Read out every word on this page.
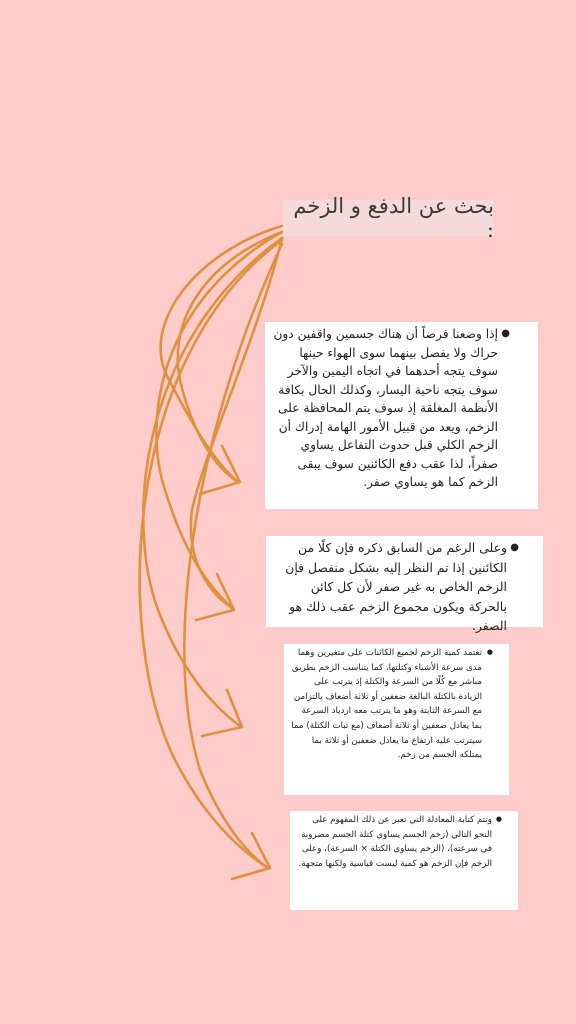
بحث عن الدفع و الزخم :
●

إذا وضعنا فرضاً أن هناك جسمين واقفين دون حراك ولا يفصل بينهما سوى الهواء حينها سوف يتجه أحدهما في اتجاه اليمين والآخر سوف يتجه ناحية اليسار، وكذلك الحال بكافة الأنظمة المغلقة إذ سوف يتم المحافظة على الزخم، ويعد من قبيل الأمور الهامة إدراك أن الزخم الكلي قبل حدوث التفاعل يساوي صفراً، لذا عقب دفع الكائنين سوف يبقى الزخم كما هو يساوي صفر.

●

وعلى الرغم من السابق ذكره فإن كلًا من الكائنين إذا تم النظر إليه بشكل منفصل فإن الزخم الخاص به غير صفر لأن كل كائن بالحركة ويكون مجموع الزخم عقب ذلك هو الصفر.

●

تعتمد كمية الزخم لجميع الكائنات على متغيرين وهما مدى سرعة الأشياء وكتلتها، كما يتناسب الزخم بطريق مباشر مع كُلًا من السرعة والكتلة إذ يترتب على الزيادة بالكتلة البالغة ضعفين أو ثلاثة أضعاف بالتزامن مع السرعة الثابتة وهو ما يترتب معه ازدياد السرعة بما يعادل ضعفين أو ثلاثة أضعاف (مع ثبات الكتلة) مما سيترتب عليه ارتفاع ما يعادل ضعفين أو ثلاثة بما يمتلكه الجسم من زخم.

●

وتتم كتابة المعادلة التي تعبر عن ذلك المفهوم على النحو التالي (زخم الجسم يساوي كتلة الجسم مضروبة في سرعته)، (الزخم يساوي الكتلة × السرعة)، وعلى الزخم فإن الزخم هو كمية ليست قياسية ولكنها متجهة.
